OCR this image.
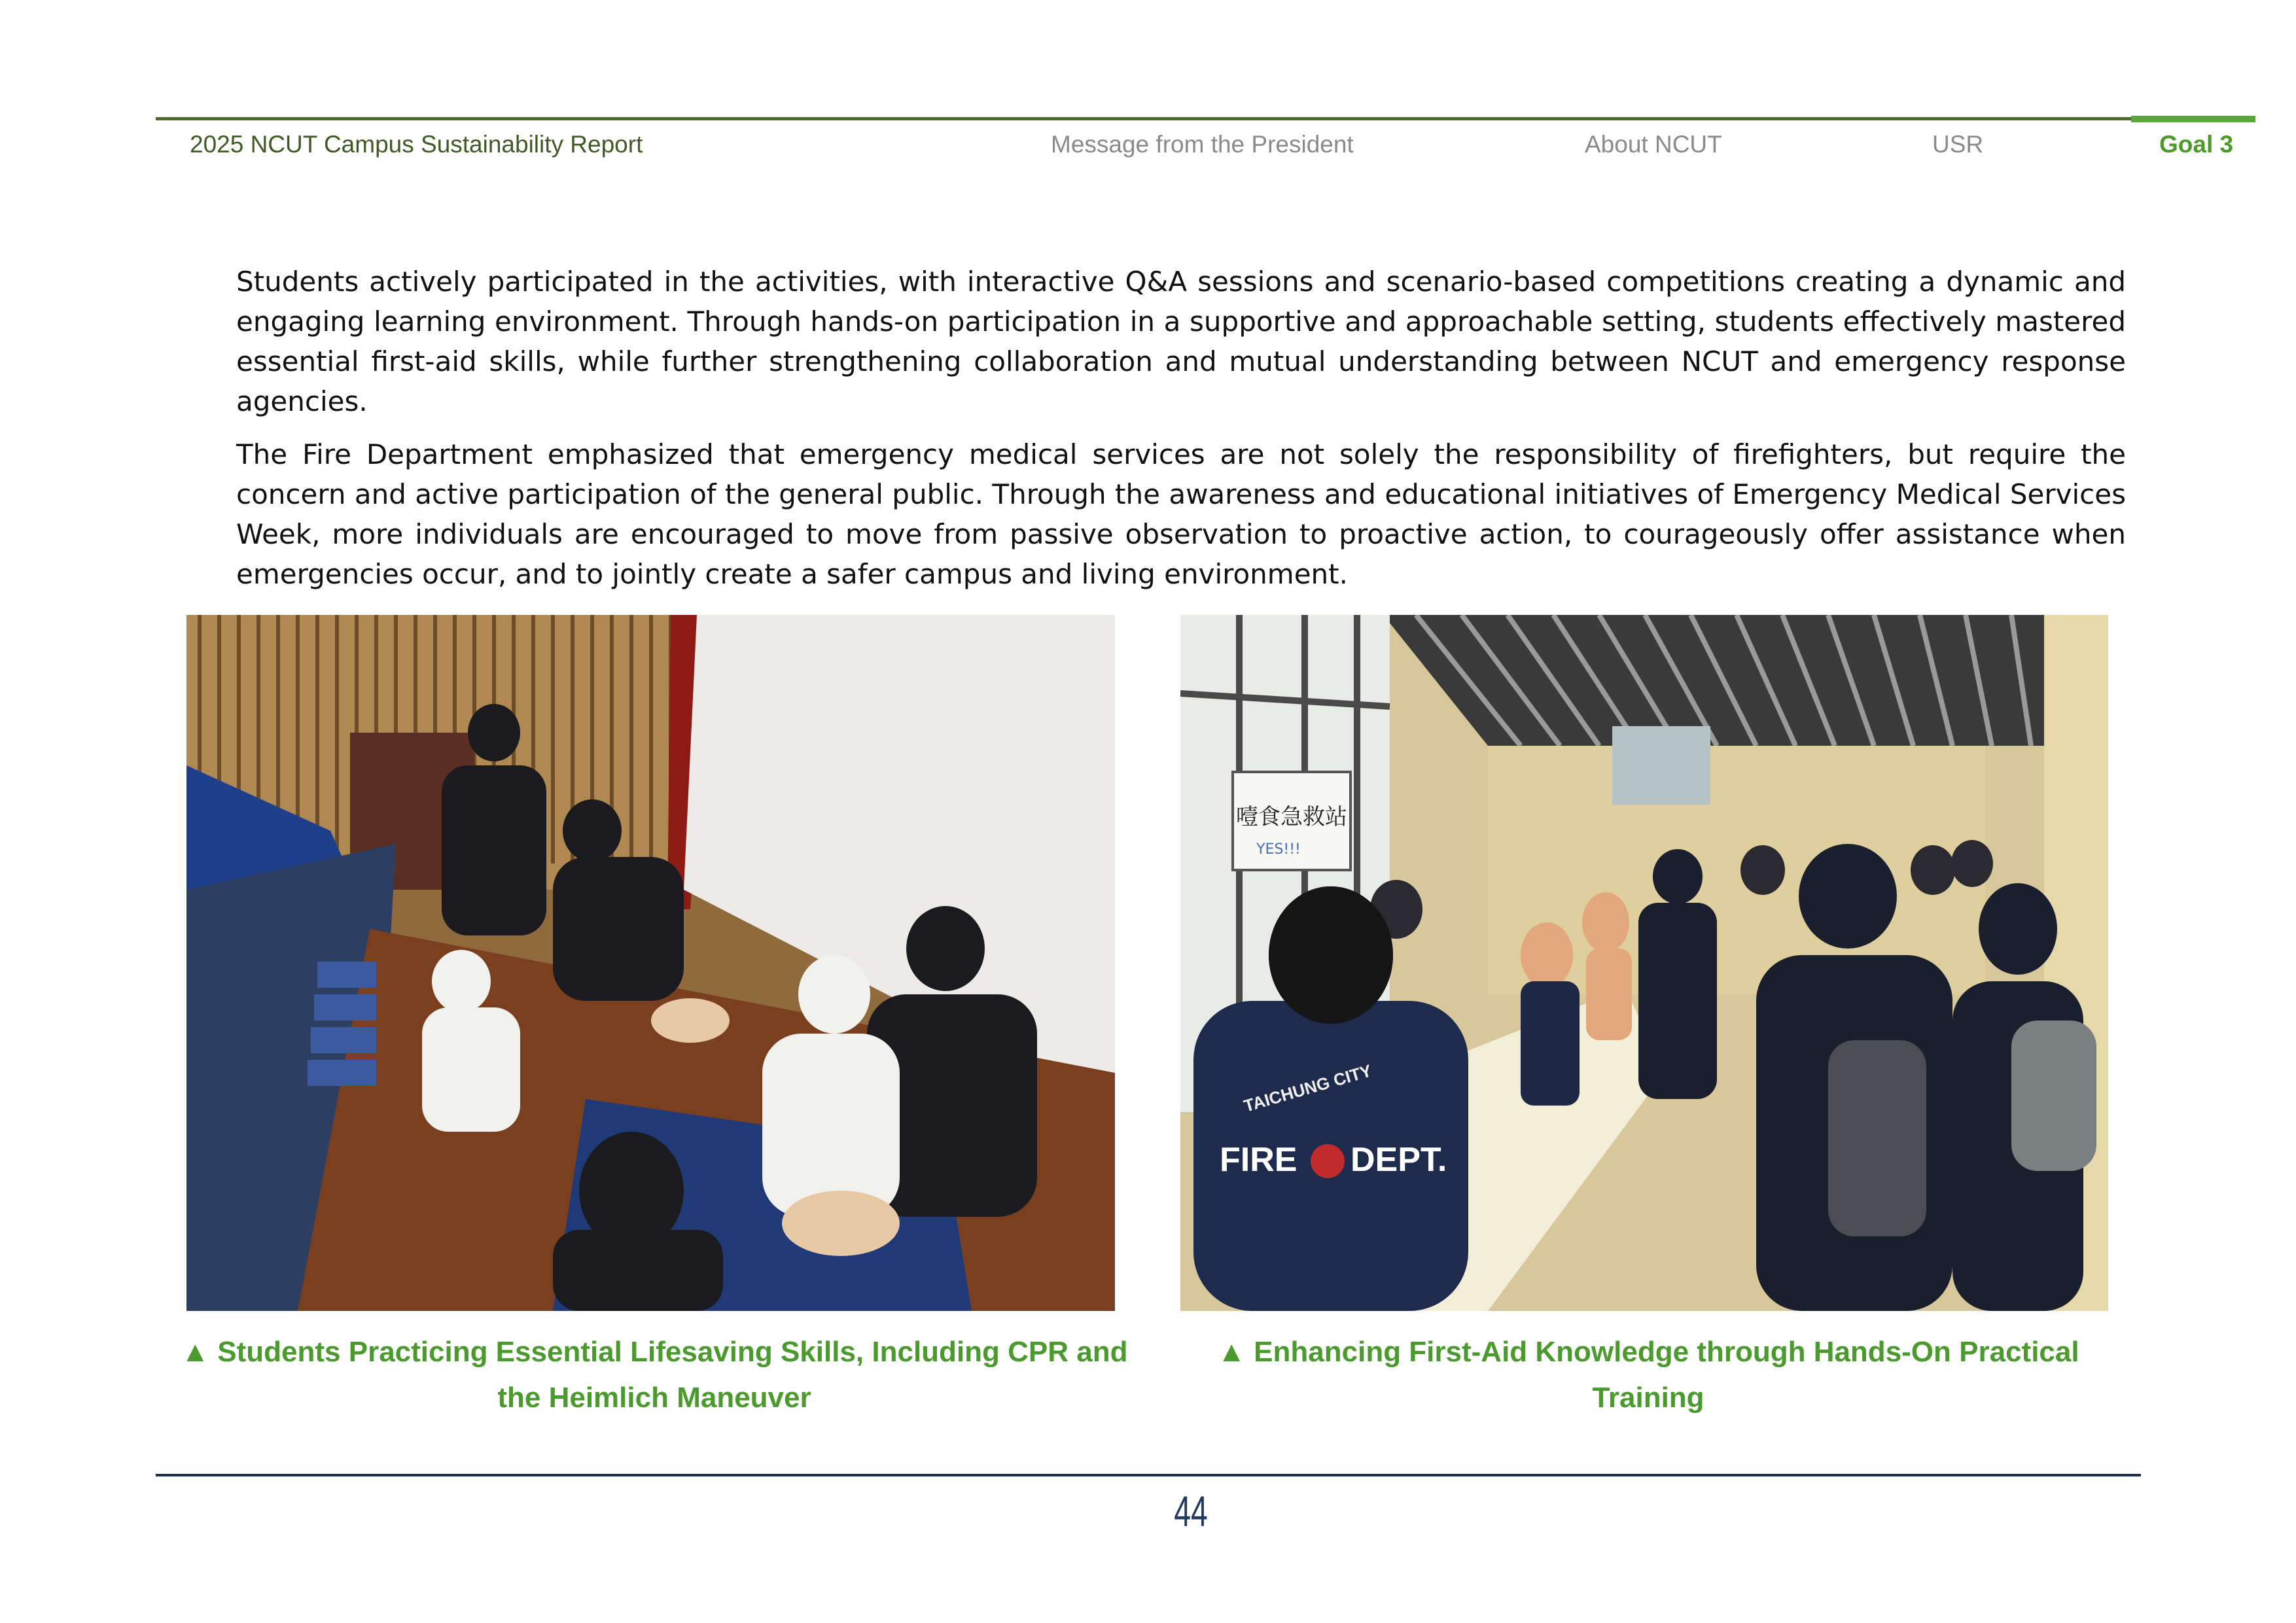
2025 NCUT Campus Sustainability Report	Message from the President	About NCUT	USR	Goal 3

Students actively participated in the activities, with interactive Q&A sessions and scenario-based competitions creating a dynamic and engaging learning environment. Through hands-on participation in a supportive and approachable setting, students effectively mastered essential first-aid skills, while further strengthening collaboration and mutual understanding between NCUT and emergency response agencies.

The Fire Department emphasized that emergency medical services are not solely the responsibility of firefighters, but require the concern and active participation of the general public. Through the awareness and educational initiatives of Emergency Medical Services Week, more individuals are encouraged to move from passive observation to proactive action, to courageously offer assistance when emergencies occur, and to jointly create a safer campus and living environment.

噎食急救站
YES!!!
TAICHUNG CITY
FIRE DEPT.
▲ Students Practicing Essential Lifesaving Skills, Including CPR and the Heimlich Maneuver
▲ Enhancing First-Aid Knowledge through Hands-On Practical Training
44
